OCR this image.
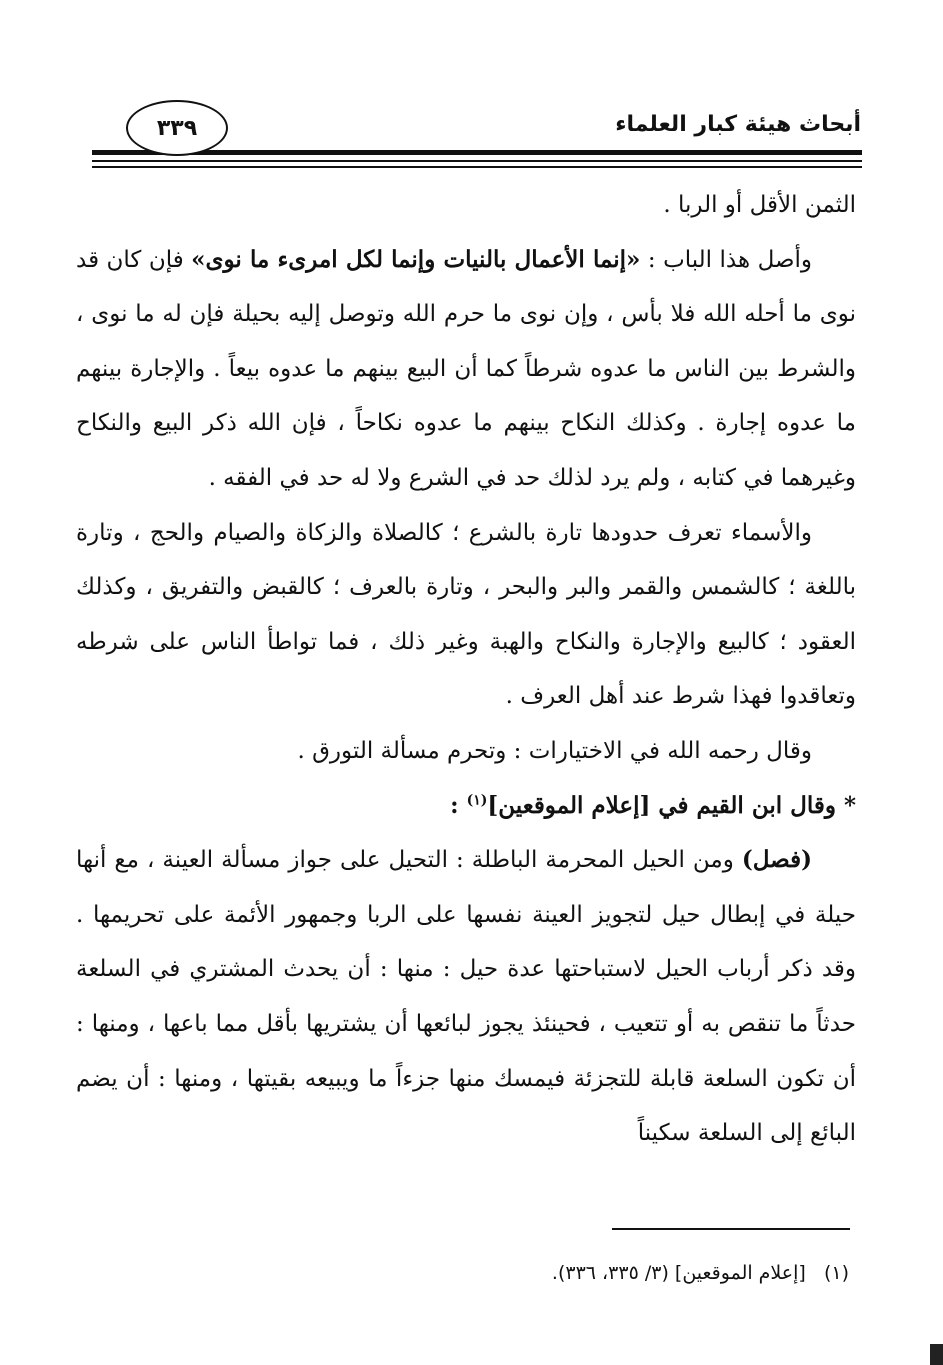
أبحاث هيئة كبار العلماء
٣٣٩

الثمن الأقل أو الربا .

وأصل هذا الباب : «إنما الأعمال بالنيات وإنما لكل امرىء ما نوى» فإن كان قد نوى ما أحله الله فلا بأس ، وإن نوى ما حرم الله وتوصل إليه بحيلة فإن له ما نوى ، والشرط بين الناس ما عدوه شرطاً كما أن البيع بينهم ما عدوه بيعاً . والإجارة بينهم ما عدوه إجارة . وكذلك النكاح بينهم ما عدوه نكاحاً ، فإن الله ذكر البيع والنكاح وغيرهما في كتابه ، ولم يرد لذلك حد في الشرع ولا له حد في الفقه .

والأسماء تعرف حدودها تارة بالشرع ؛ كالصلاة والزكاة والصيام والحج ، وتارة باللغة ؛ كالشمس والقمر والبر والبحر ، وتارة بالعرف ؛ كالقبض والتفريق ، وكذلك العقود ؛ كالبيع والإجارة والنكاح والهبة وغير ذلك ، فما تواطأ الناس على شرطه وتعاقدوا فهذا شرط عند أهل العرف .

وقال رحمه الله في الاختيارات : وتحرم مسألة التورق .

* وقال ابن القيم في [إعلام الموقعين]$^{(١)}$ :

(فصل) ومن الحيل المحرمة الباطلة : التحيل على جواز مسألة العينة ، مع أنها حيلة في إبطال حيل لتجويز العينة نفسها على الربا وجمهور الأئمة على تحريمها . وقد ذكر أرباب الحيل لاستباحتها عدة حيل : منها : أن يحدث المشتري في السلعة حدثاً ما تنقص به أو تتعيب ، فحينئذ يجوز لبائعها أن يشتريها بأقل مما باعها ، ومنها : أن تكون السلعة قابلة للتجزئة فيمسك منها جزءاً ما ويبيعه بقيتها ، ومنها : أن يضم البائع إلى السلعة سكيناً

(١)   [إعلام الموقعين] (٣/ ٣٣٥، ٣٣٦).
